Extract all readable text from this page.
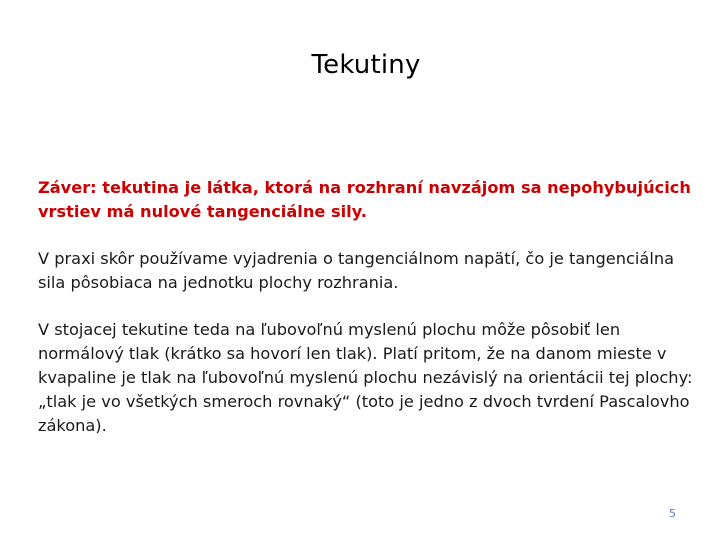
Tekutiny

Záver: tekutina je látka, ktorá na rozhraní navzájom sa nepohybujúcich vrstiev má nulové tangenciálne sily.

V praxi skôr používame vyjadrenia o tangenciálnom napätí, čo je tangenciálna sila pôsobiaca na jednotku plochy rozhrania.

V stojacej tekutine teda na ľubovoľnú myslenú plochu môže pôsobiť len normálový tlak (krátko sa hovorí len tlak). Platí pritom, že na danom mieste v kvapaline je tlak na ľubovoľnú myslenú plochu nezávislý na orientácii tej plochy: „tlak je vo všetkých smeroch rovnaký“ (toto je jedno z dvoch tvrdení Pascalovho zákona).

5
